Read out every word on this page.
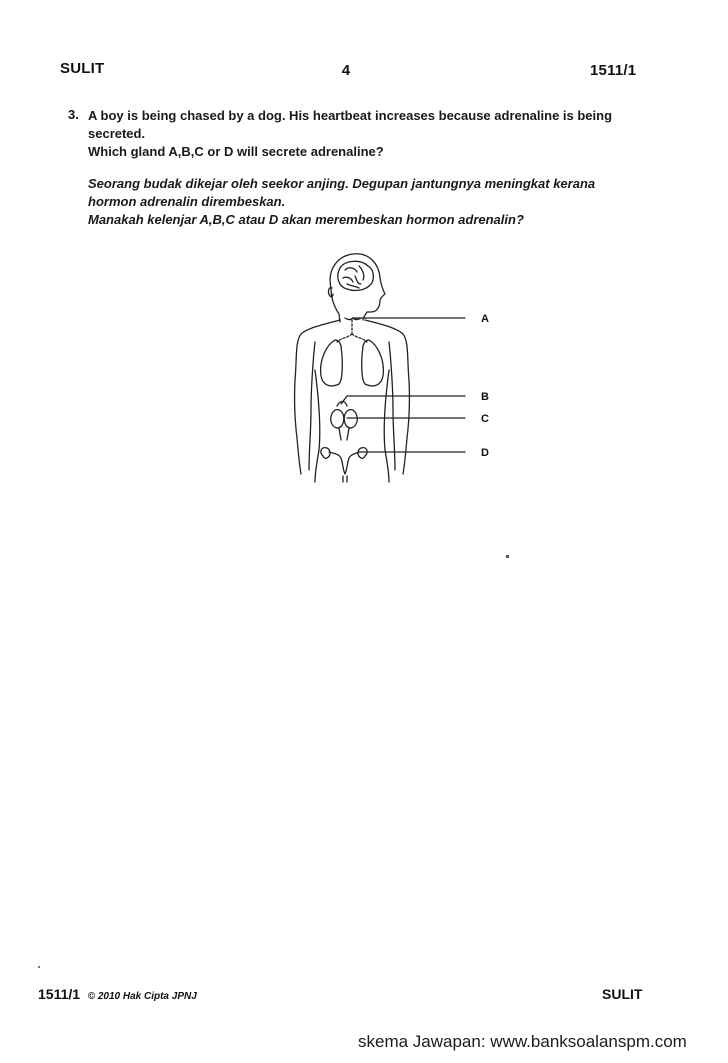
SULIT	4	1511/1
3. A boy is being chased by a dog. His heartbeat increases because adrenaline is being
secreted.
Which gland A,B,C or D will secrete adrenaline?
Seorang budak dikejar oleh seekor anjing. Degupan jantungnya meningkat kerana
hormon adrenalin dirembeskan.
Manakah kelenjar A,B,C atau D akan merembeskan hormon adrenalin?
A
B
C
D
1511/1 © 2010 Hak Cipta JPNJ	SULIT
skema Jawapan: www.banksoalanspm.com
